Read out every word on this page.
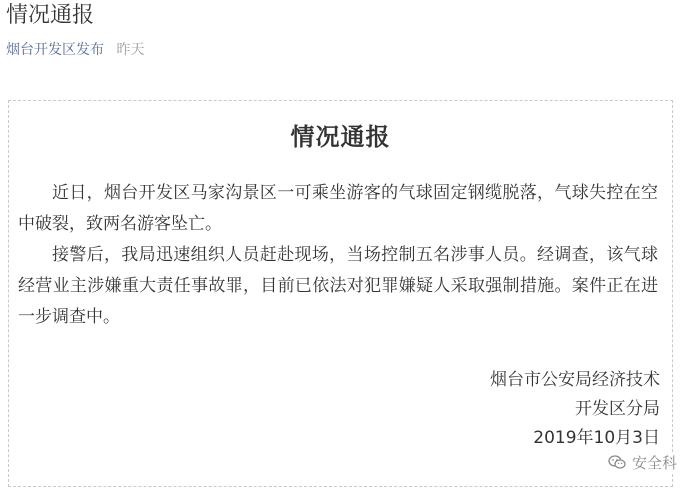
情况通报
烟台开发区发布 昨天
情况通报

近日，烟台开发区马家沟景区一可乘坐游客的气球固定钢缆脱落，气球失控在空中破裂，致两名游客坠亡。

接警后，我局迅速组织人员赶赴现场，当场控制五名涉事人员。经调查，该气球经营业主涉嫌重大责任事故罪，目前已依法对犯罪嫌疑人采取强制措施。案件正在进一步调查中。

烟台市公安局经济技术
开发区分局
2019年10月3日
安全科
